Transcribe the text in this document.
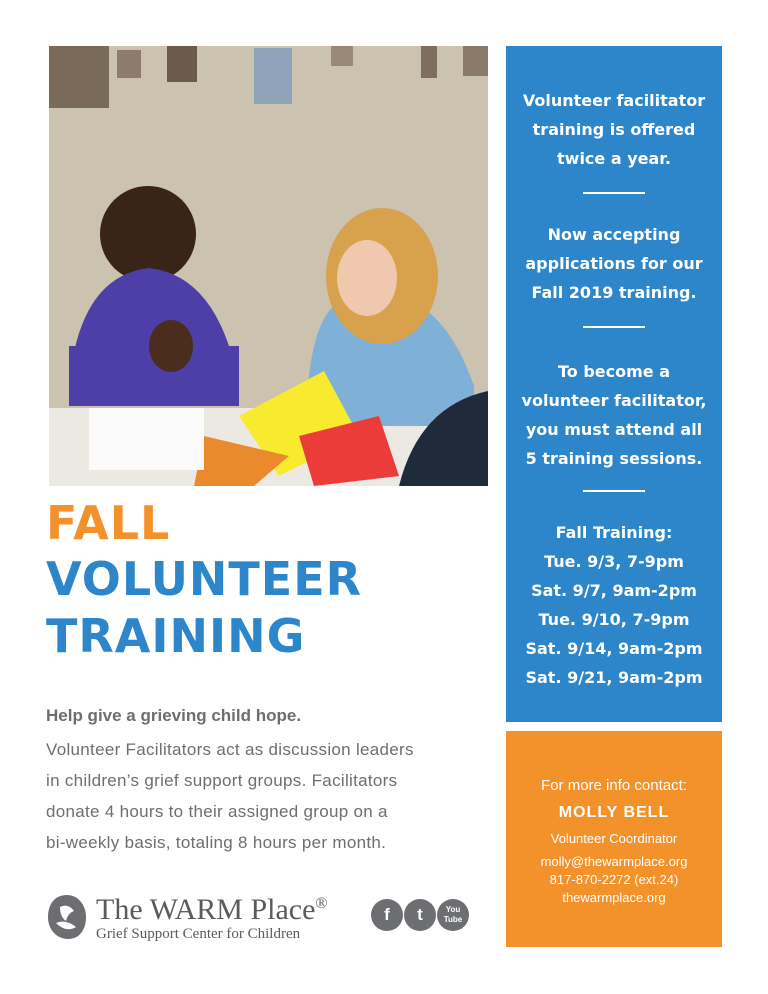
FALL
VOLUNTEER
TRAINING
Help give a grieving child hope.
Volunteer Facilitators act as discussion leaders
in children’s grief support groups. Facilitators
donate 4 hours to their assigned group on a
bi-weekly basis, totaling 8 hours per month.
Volunteer facilitator
training is offered
twice a year.
Now accepting
applications for our
Fall 2019 training.
To become a
volunteer facilitator,
you must attend all
5 training sessions.
Fall Training:
Tue. 9/3, 7-9pm
Sat. 9/7, 9am-2pm
Tue. 9/10, 7-9pm
Sat. 9/14, 9am-2pm
Sat. 9/21, 9am-2pm
For more info contact:
MOLLY BELL
Volunteer Coordinator
molly@thewarmplace.org
817-870-2272 (ext.24)
thewarmplace.org
The WARM Place®
Grief Support Center for Children
f	t	You Tube
